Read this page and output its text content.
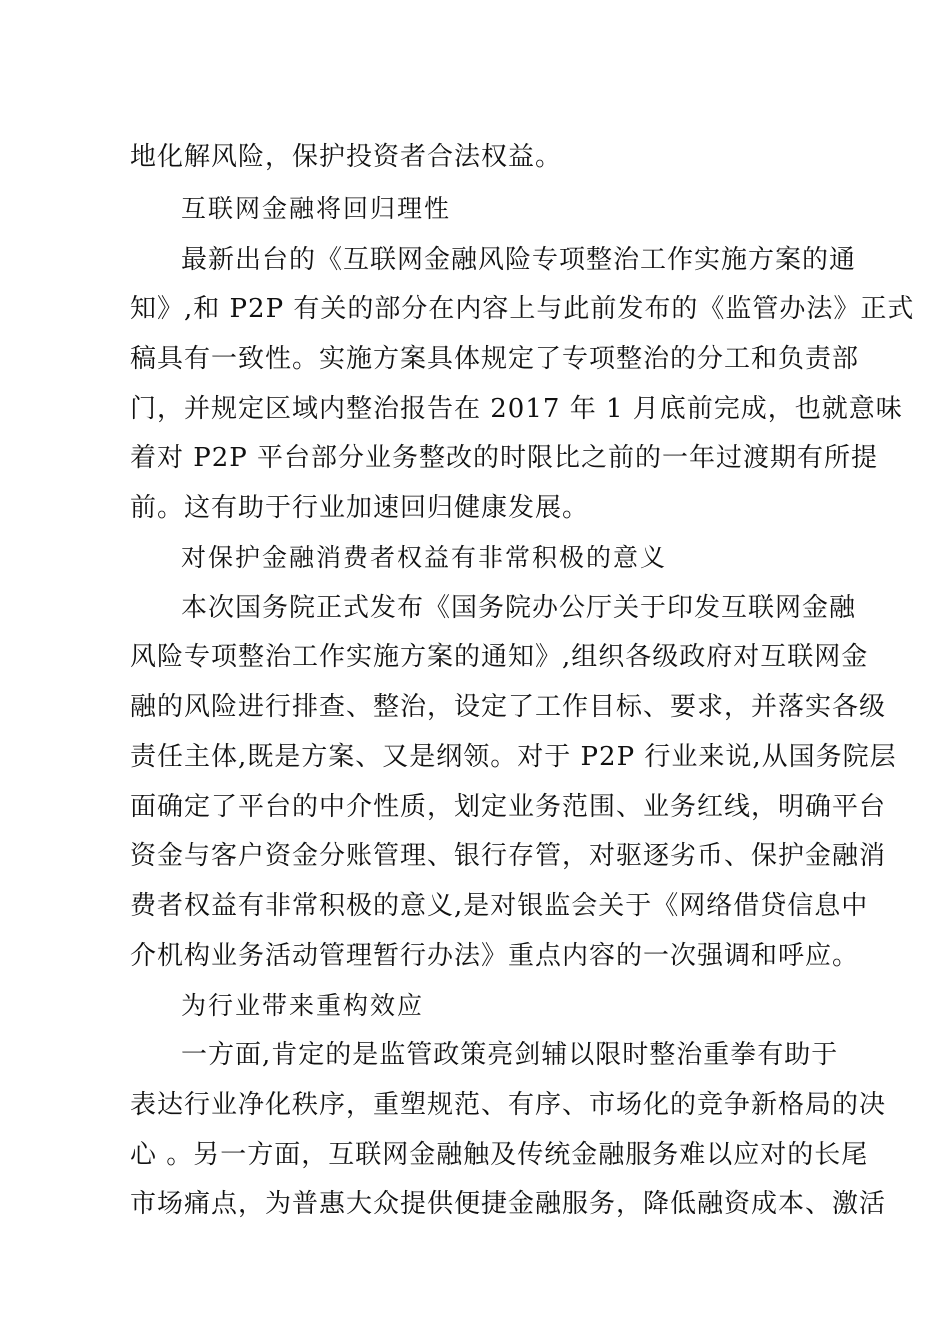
地化解风险，保护投资者合法权益。
互联网金融将回归理性
最新出台的《互联网金融风险专项整治工作实施方案的通
知》,和 P2P 有关的部分在内容上与此前发布的《监管办法》正式
稿具有一致性。实施方案具体规定了专项整治的分工和负责部
门，并规定区域内整治报告在 2017 年 1 月底前完成，也就意味
着对 P2P 平台部分业务整改的时限比之前的一年过渡期有所提
前。这有助于行业加速回归健康发展。
对保护金融消费者权益有非常积极的意义
本次国务院正式发布《国务院办公厅关于印发互联网金融
风险专项整治工作实施方案的通知》,组织各级政府对互联网金
融的风险进行排查、整治，设定了工作目标、要求，并落实各级
责任主体,既是方案、又是纲领。对于 P2P 行业来说,从国务院层
面确定了平台的中介性质，划定业务范围、业务红线，明确平台
资金与客户资金分账管理、银行存管，对驱逐劣币、保护金融消
费者权益有非常积极的意义,是对银监会关于《网络借贷信息中
介机构业务活动管理暂行办法》重点内容的一次强调和呼应。
为行业带来重构效应
一方面,肯定的是监管政策亮剑辅以限时整治重拳有助于
表达行业净化秩序，重塑规范、有序、市场化的竞争新格局的决
心 。另一方面，互联网金融触及传统金融服务难以应对的长尾
市场痛点，为普惠大众提供便捷金融服务，降低融资成本、激活
